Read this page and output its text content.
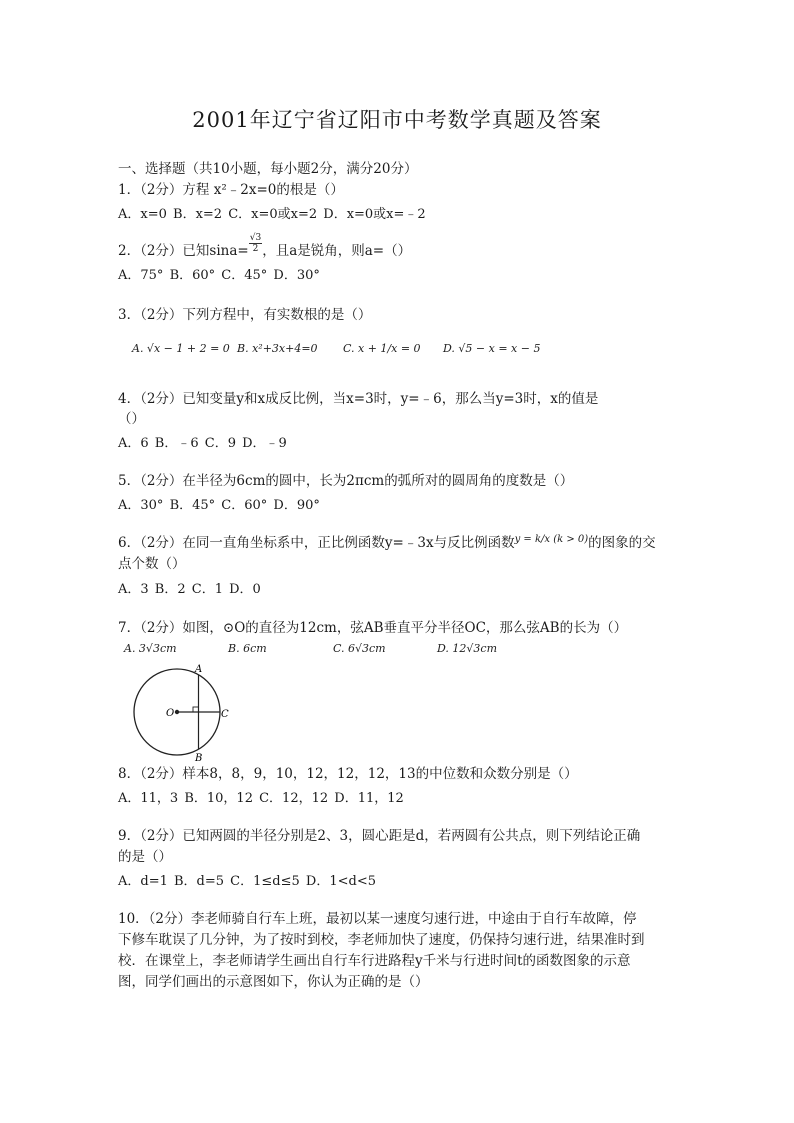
2001年辽宁省辽阳市中考数学真题及答案
一、选择题（共10小题，每小题2分，满分20分）
1．（2分）方程 x²﹣2x=0的根是（）
A．x=0 B．x=2 C．x=0或x=2 D．x=0或x=﹣2
2．（2分）已知$\sin a= \frac{√3}{2}$ ，且a是锐角，则a=（）
A．75° B．60° C．45° D．30°
3．（2分）下列方程中，有实数根的是（）
A. √x − 1 + 2 = 0 B. x²+3x+4=0 C. x + 1/x = 0 D. √5 − x = x − 5
4．（2分）已知变量y和x成反比例，当x=3时，y=﹣6，那么当y=3时，x的值是
（）
A．6 B．﹣6 C．9 D．﹣9
5．（2分）在半径为6cm的圆中，长为2πcm的弧所对的圆周角的度数是（）
A．30° B．45° C．60° D．90°
6．（2分）在同一直角坐标系中，正比例函数y=﹣3x与反比例函数$^{y = k/x (k > 0)}$的图象的交
点个数（）
A．3 B．2 C．1 D．0
7．（2分）如图，⊙O的直径为12cm，弦AB垂直平分半径OC，那么弦AB的长为（）
A. 3√3cm	B. 6cm	C. 6√3cm	D. 12√3cm
O	C
A
B
8．（2分）样本8，8，9，10，12，12，12，13的中位数和众数分别是（）
A．11，3 B．10，12 C．12，12 D．11，12
9．（2分）已知两圆的半径分别是2、3，圆心距是d，若两圆有公共点，则下列结论正确
的是（）
A．d=1 B．d=5 C．1≤d≤5 D．1<d<5
10．（2分）李老师骑自行车上班，最初以某一速度匀速行进，中途由于自行车故障，停
下修车耽误了几分钟，为了按时到校，李老师加快了速度，仍保持匀速行进，结果准时到
校．在课堂上，李老师请学生画出自行车行进路程y千米与行进时间t的函数图象的示意
图，同学们画出的示意图如下，你认为正确的是（）
